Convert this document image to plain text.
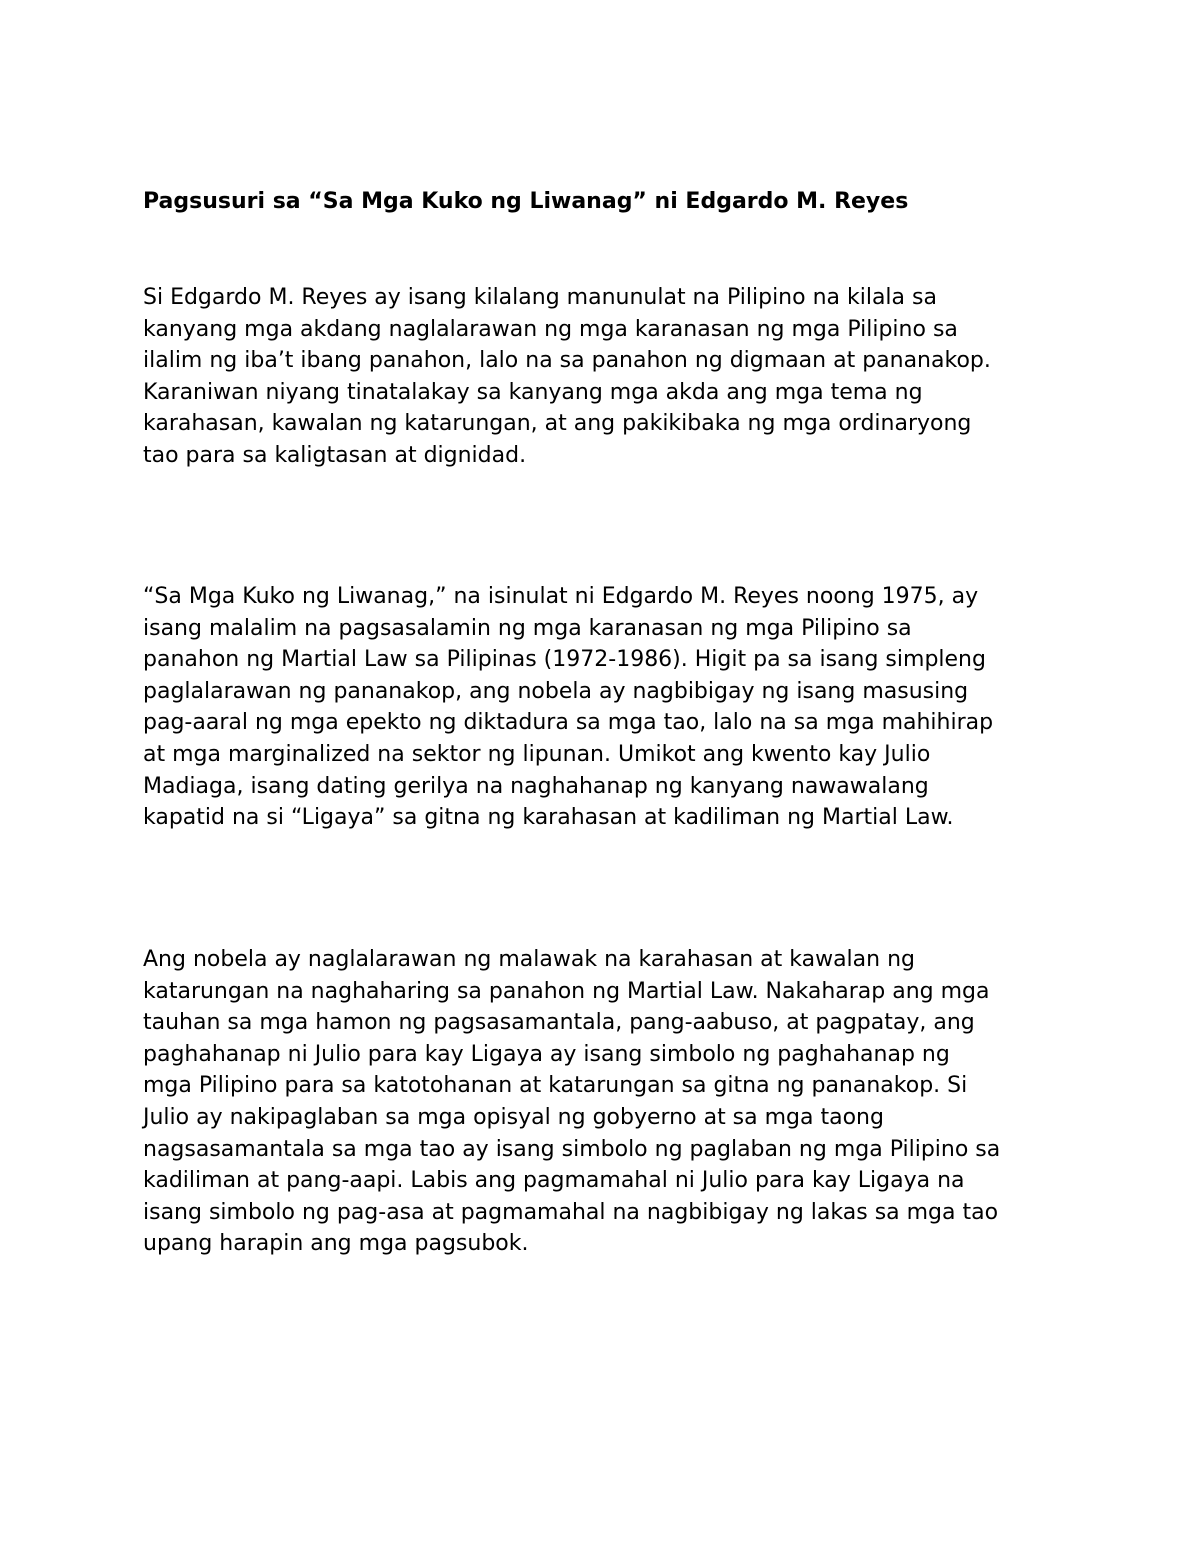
Pagsusuri sa “Sa Mga Kuko ng Liwanag” ni Edgardo M. Reyes
Si Edgardo M. Reyes ay isang kilalang manunulat na Pilipino na kilala sa
kanyang mga akdang naglalarawan ng mga karanasan ng mga Pilipino sa
ilalim ng iba’t ibang panahon, lalo na sa panahon ng digmaan at pananakop.
Karaniwan niyang tinatalakay sa kanyang mga akda ang mga tema ng
karahasan, kawalan ng katarungan, at ang pakikibaka ng mga ordinaryong
tao para sa kaligtasan at dignidad.
“Sa Mga Kuko ng Liwanag,” na isinulat ni Edgardo M. Reyes noong 1975, ay
isang malalim na pagsasalamin ng mga karanasan ng mga Pilipino sa
panahon ng Martial Law sa Pilipinas (1972-1986). Higit pa sa isang simpleng
paglalarawan ng pananakop, ang nobela ay nagbibigay ng isang masusing
pag-aaral ng mga epekto ng diktadura sa mga tao, lalo na sa mga mahihirap
at mga marginalized na sektor ng lipunan. Umikot ang kwento kay Julio
Madiaga, isang dating gerilya na naghahanap ng kanyang nawawalang
kapatid na si “Ligaya” sa gitna ng karahasan at kadiliman ng Martial Law.
Ang nobela ay naglalarawan ng malawak na karahasan at kawalan ng
katarungan na naghaharing sa panahon ng Martial Law. Nakaharap ang mga
tauhan sa mga hamon ng pagsasamantala, pang-aabuso, at pagpatay, ang
paghahanap ni Julio para kay Ligaya ay isang simbolo ng paghahanap ng
mga Pilipino para sa katotohanan at katarungan sa gitna ng pananakop. Si
Julio ay nakipaglaban sa mga opisyal ng gobyerno at sa mga taong
nagsasamantala sa mga tao ay isang simbolo ng paglaban ng mga Pilipino sa
kadiliman at pang-aapi. Labis ang pagmamahal ni Julio para kay Ligaya na
isang simbolo ng pag-asa at pagmamahal na nagbibigay ng lakas sa mga tao
upang harapin ang mga pagsubok.
